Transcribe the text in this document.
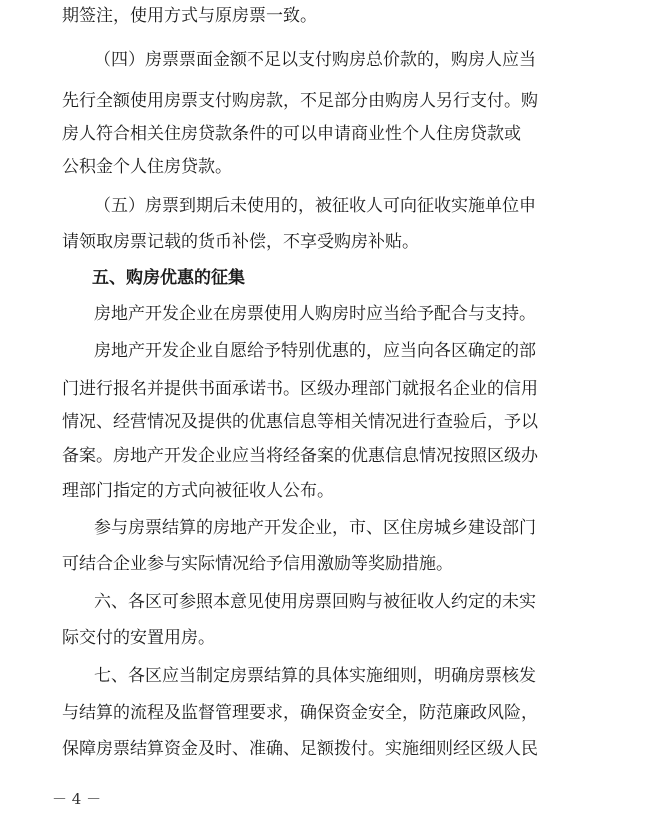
期签注，使用方式与原房票一致。
（四）房票票面金额不足以支付购房总价款的，购房人应当
先行全额使用房票支付购房款，不足部分由购房人另行支付。购
房人符合相关住房贷款条件的可以申请商业性个人住房贷款或
公积金个人住房贷款。
（五）房票到期后未使用的，被征收人可向征收实施单位申
请领取房票记载的货币补偿，不享受购房补贴。
五、购房优惠的征集
房地产开发企业在房票使用人购房时应当给予配合与支持。
房地产开发企业自愿给予特别优惠的，应当向各区确定的部
门进行报名并提供书面承诺书。区级办理部门就报名企业的信用
情况、经营情况及提供的优惠信息等相关情况进行查验后，予以
备案。房地产开发企业应当将经备案的优惠信息情况按照区级办
理部门指定的方式向被征收人公布。
参与房票结算的房地产开发企业，市、区住房城乡建设部门
可结合企业参与实际情况给予信用激励等奖励措施。
六、各区可参照本意见使用房票回购与被征收人约定的未实
际交付的安置用房。
七、各区应当制定房票结算的具体实施细则，明确房票核发
与结算的流程及监督管理要求，确保资金安全，防范廉政风险，
保障房票结算资金及时、准确、足额拨付。实施细则经区级人民
－ 4 －
